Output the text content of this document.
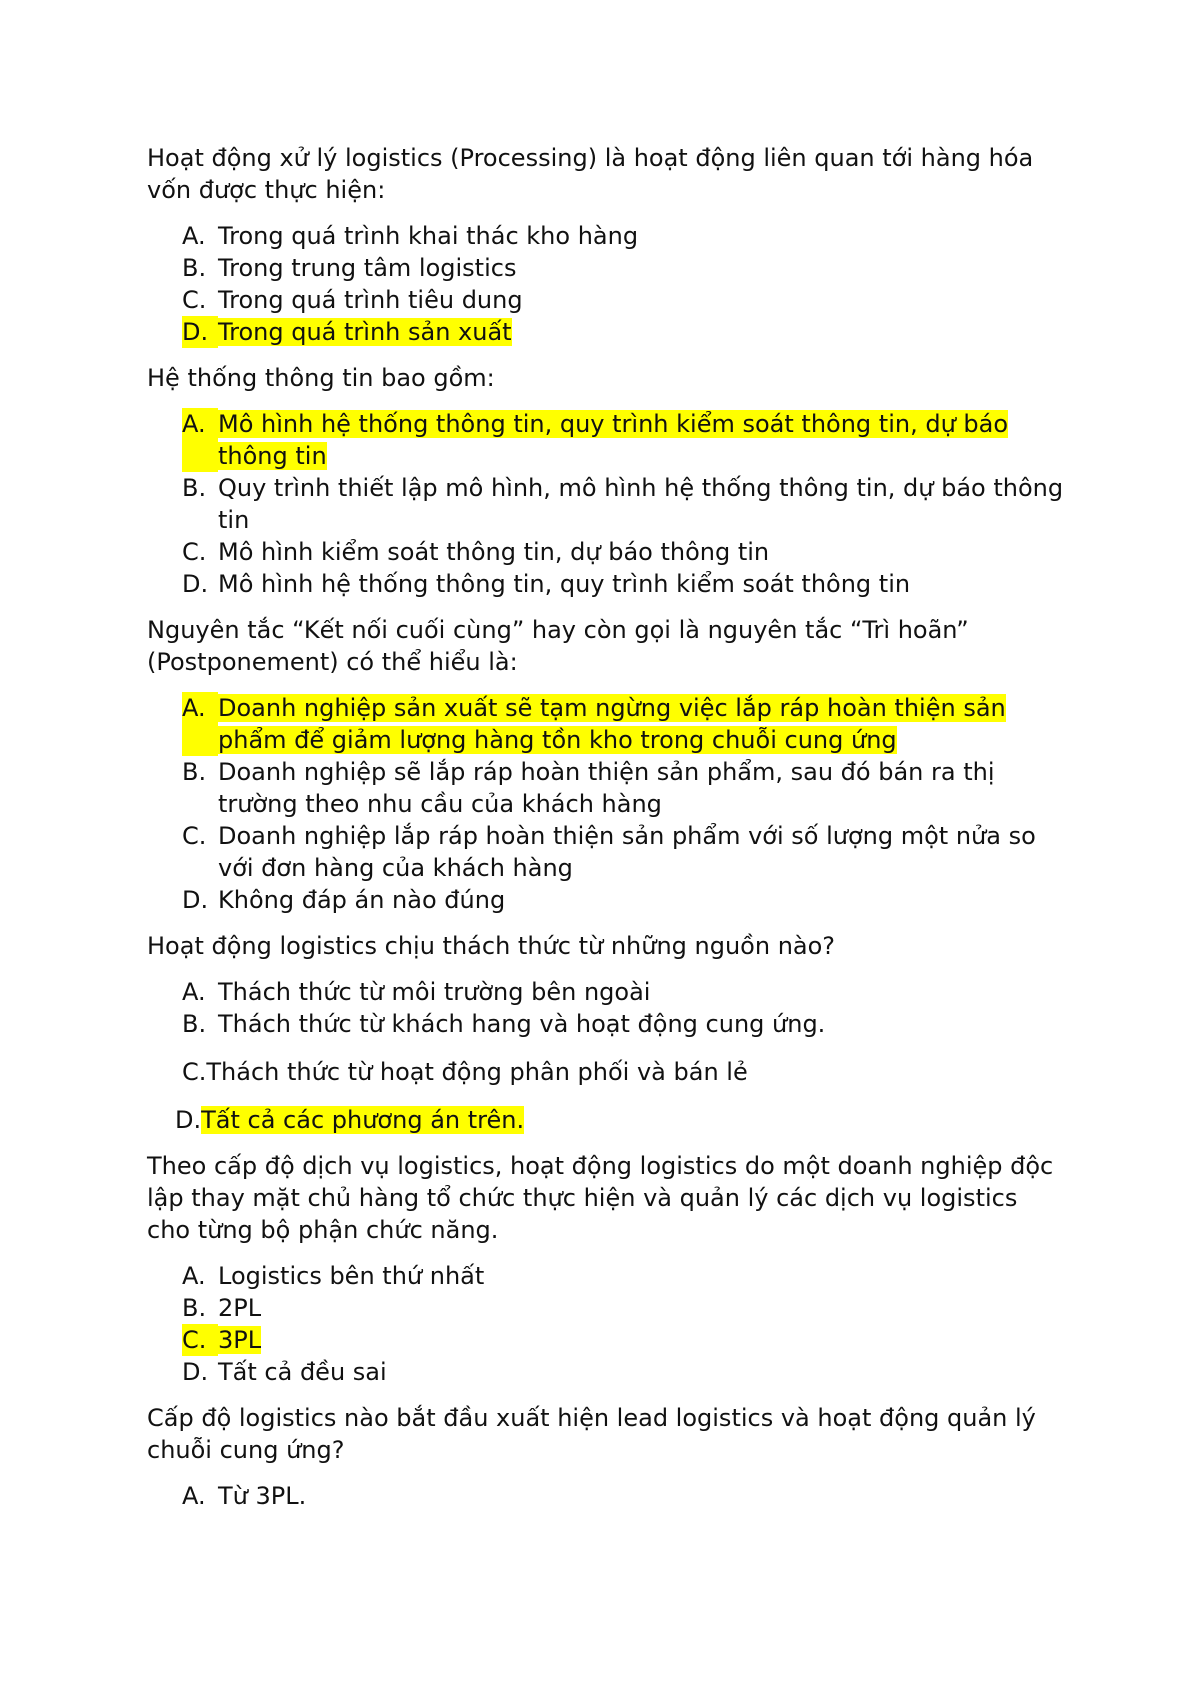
Hoạt động xử lý logistics (Processing) là hoạt động liên quan tới hàng hóa vốn được thực hiện:

A. Trong quá trình khai thác kho hàng
B. Trong trung tâm logistics
C. Trong quá trình tiêu dung
D. Trong quá trình sản xuất

Hệ thống thông tin bao gồm:

A. Mô hình hệ thống thông tin, quy trình kiểm soát thông tin, dự báo thông tin
B. Quy trình thiết lập mô hình, mô hình hệ thống thông tin, dự báo thông tin
C. Mô hình kiểm soát thông tin, dự báo thông tin
D. Mô hình hệ thống thông tin, quy trình kiểm soát thông tin

Nguyên tắc “Kết nối cuối cùng” hay còn gọi là nguyên tắc “Trì hoãn” (Postponement) có thể hiểu là:

A. Doanh nghiệp sản xuất sẽ tạm ngừng việc lắp ráp hoàn thiện sản phẩm để giảm lượng hàng tồn kho trong chuỗi cung ứng
B. Doanh nghiệp sẽ lắp ráp hoàn thiện sản phẩm, sau đó bán ra thị trường theo nhu cầu của khách hàng
C. Doanh nghiệp lắp ráp hoàn thiện sản phẩm với số lượng một nửa so với đơn hàng của khách hàng
D. Không đáp án nào đúng

Hoạt động logistics chịu thách thức từ những nguồn nào?

A. Thách thức từ môi trường bên ngoài
B. Thách thức từ khách hang và hoạt động cung ứng.
C. Thách thức từ hoạt động phân phối và bán lẻ
D. Tất cả các phương án trên.

Theo cấp độ dịch vụ logistics, hoạt động logistics do một doanh nghiệp độc lập thay mặt chủ hàng tổ chức thực hiện và quản lý các dịch vụ logistics cho từng bộ phận chức năng.

A. Logistics bên thứ nhất
B. 2PL
C. 3PL
D. Tất cả đều sai

Cấp độ logistics nào bắt đầu xuất hiện lead logistics và hoạt động quản lý chuỗi cung ứng?

A. Từ 3PL.
